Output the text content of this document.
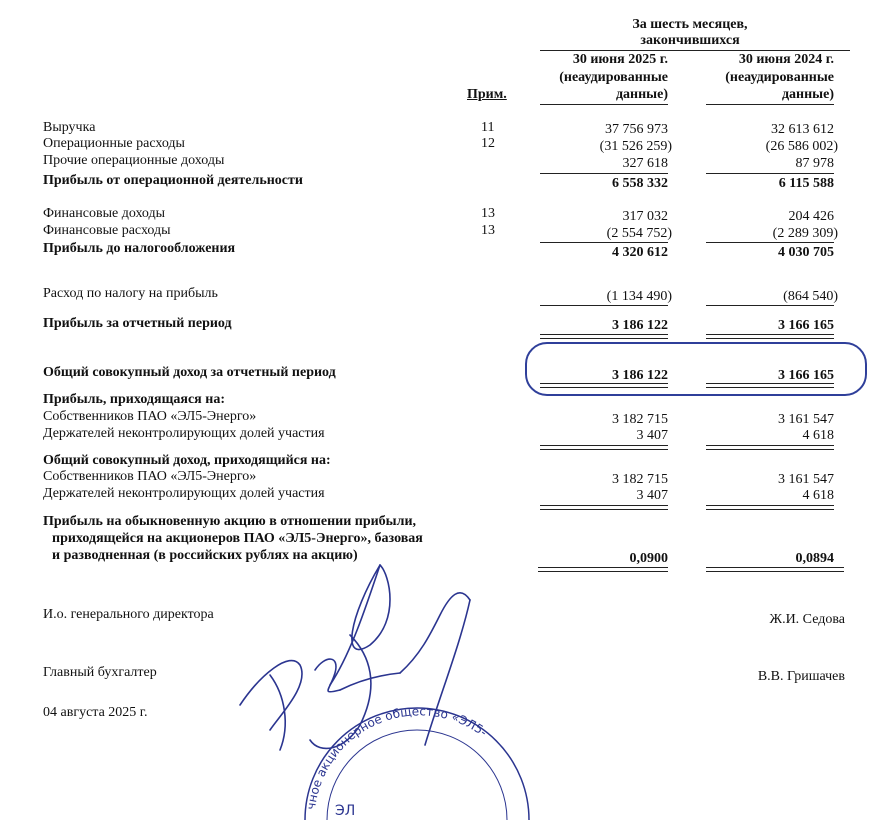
За шесть месяцев,
закончившихся
30 июня 2025 г.
(неаудированные
данные)
30 июня 2024 г.
(неаудированные
данные)
Прим.
Выручка	11	37 756 973	32 613 612
Операционные расходы	12	(31 526 259)	(26 586 002)
Прочие операционные доходы	327 618	87 978
Прибыль от операционной деятельности	6 558 332	6 115 588
Финансовые доходы	13	317 032	204 426
Финансовые расходы	13	(2 554 752)	(2 289 309)
Прибыль до налогообложения	4 320 612	4 030 705
Расход по налогу на прибыль	(1 134 490)	(864 540)
Прибыль за отчетный период	3 186 122	3 166 165
Общий совокупный доход за отчетный период	3 186 122	3 166 165
Прибыль, приходящаяся на:
Собственников ПАО «ЭЛ5-Энерго»	3 182 715	3 161 547
Держателей неконтролирующих долей участия	3 407	4 618
Общий совокупный доход, приходящийся на:
Собственников ПАО «ЭЛ5-Энерго»	3 182 715	3 161 547
Держателей неконтролирующих долей участия	3 407	4 618
Прибыль на обыкновенную акцию в отношении прибыли,
приходящейся на акционеров ПАО «ЭЛ5-Энерго», базовая
и разводненная (в российских рублях на акцию)	0,0900	0,0894
И.о. генерального директора	Ж.И. Седова
Главный бухгалтер	В.В. Гришачев
04 августа 2025 г.
чное акционерное общество «ЭЛ5-
ЭЛ
